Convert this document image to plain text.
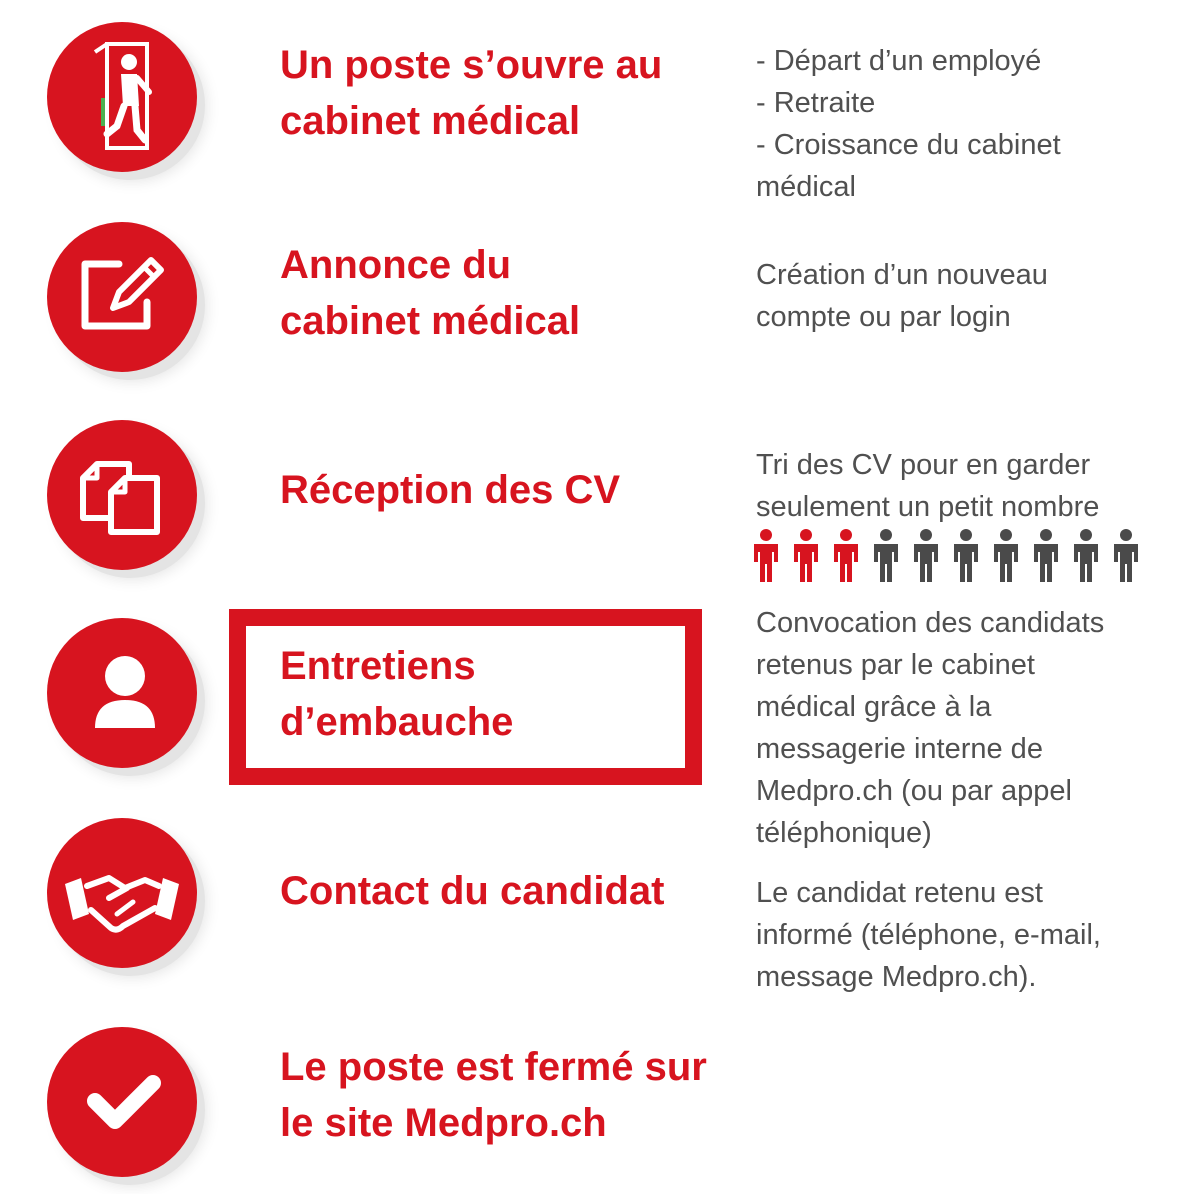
Un poste s’ouvre au
cabinet médical

- Départ d’un employé
- Retraite
- Croissance du cabinet
médical

Annonce du
cabinet médical

Création d’un nouveau
compte ou par login

Réception des CV

Tri des CV pour en garder
seulement un petit nombre

Entretiens
d’embauche

Convocation des candidats
retenus par le cabinet
médical grâce à la
messagerie interne de
Medpro.ch (ou par appel
téléphonique)

Contact du candidat	Le candidat retenu est
informé (téléphone, e-mail,
message Medpro.ch).

Le poste est fermé sur
le site Medpro.ch
